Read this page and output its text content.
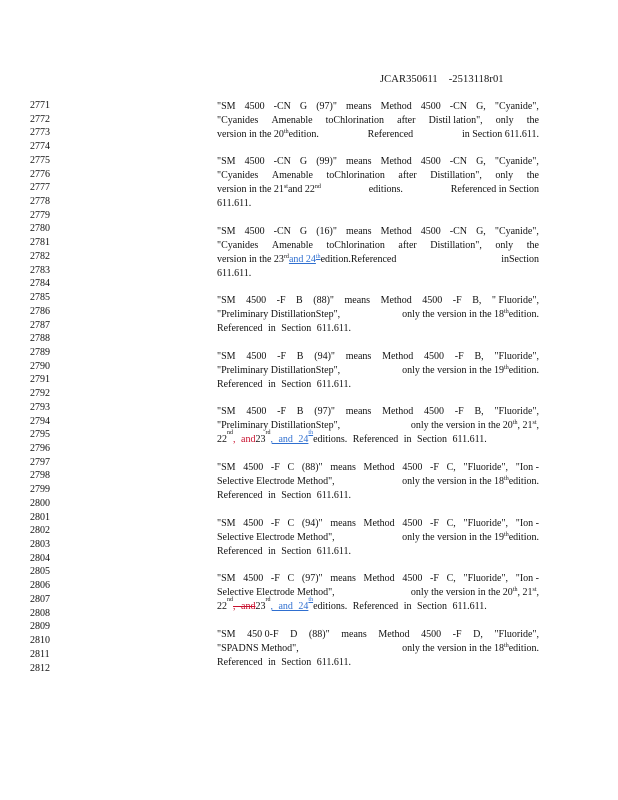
JCAR350611 -2513118r01
2771
2772
2773
2774
2775
2776
2777
2778
2779
2780
2781
2782
2783
2784
2785
2786
2787
2788
2789
2790
2791
2792
2793
2794
2795
2796
2797
2798
2799
2800
2801
2802
2803
2804
2805
2806
2807
2808
2809
2810
2811
2812
"SM 4500 -CN G (97)" means Method 4500 -CN G, "Cyanide",
"Cyanides Amenable toChlorination after Distil lation", only the
version in the 20thedition.	Referenced	in Section 611.611.
"SM 4500 -CN G (99)" means Method 4500 -CN G, "Cyanide",
"Cyanides Amenable toChlorination after Distillation", only the
version in the 21stand 22nd	editions.	Referenced in Section
611.611.
"SM 4500 -CN G (16)" means Method 4500 -CN G, "Cyanide",
"Cyanides Amenable toChlorination after Distillation", only the
version in the 23rdand 24thedition.Referenced	inSection
611.611.
"SM 4500 -F B (88)" means Method 4500 -F B, " Fluoride",
"Preliminary DistillationStep",	only the version in the 18thedition.
Referenced in Section 611.611.
"SM 4500 -F B (94)" means Method 4500 -F B, "Fluoride",
"Preliminary DistillationStep",	only the version in the 19thedition.
Referenced in Section 611.611.
"SM 4500 -F B (97)" means Method 4500 -F B, "Fluoride",
"Preliminary DistillationStep",	only the version in the 20th, 21st,
22
nd
, and 23
rd
, and 24
th
editions. Referenced in Section 611.611.
"SM 4500 -F C (88)" means Method 4500 -F C, "Fluoride", "Ion -
Selective Electrode Method",	only the version in the 18thedition.
Referenced in Section 611.611.
"SM 4500 -F C (94)" means Method 4500 -F C, "Fluoride", "Ion -
Selective Electrode Method",	only the version in the 19thedition.
Referenced in Section 611.611.
"SM 4500 -F C (97)" means Method 4500 -F C, "Fluoride", "Ion -
Selective Electrode Method",	only the version in the 20th, 21st,
22
nd
, and 23
rd
, and 24
th
editions. Referenced in Section 611.611.
"SM 450 0-F D (88)" means Method 4500 -F D, "Fluoride",
"SPADNS Method",	only the version in the 18thedition.
Referenced in Section 611.611.
